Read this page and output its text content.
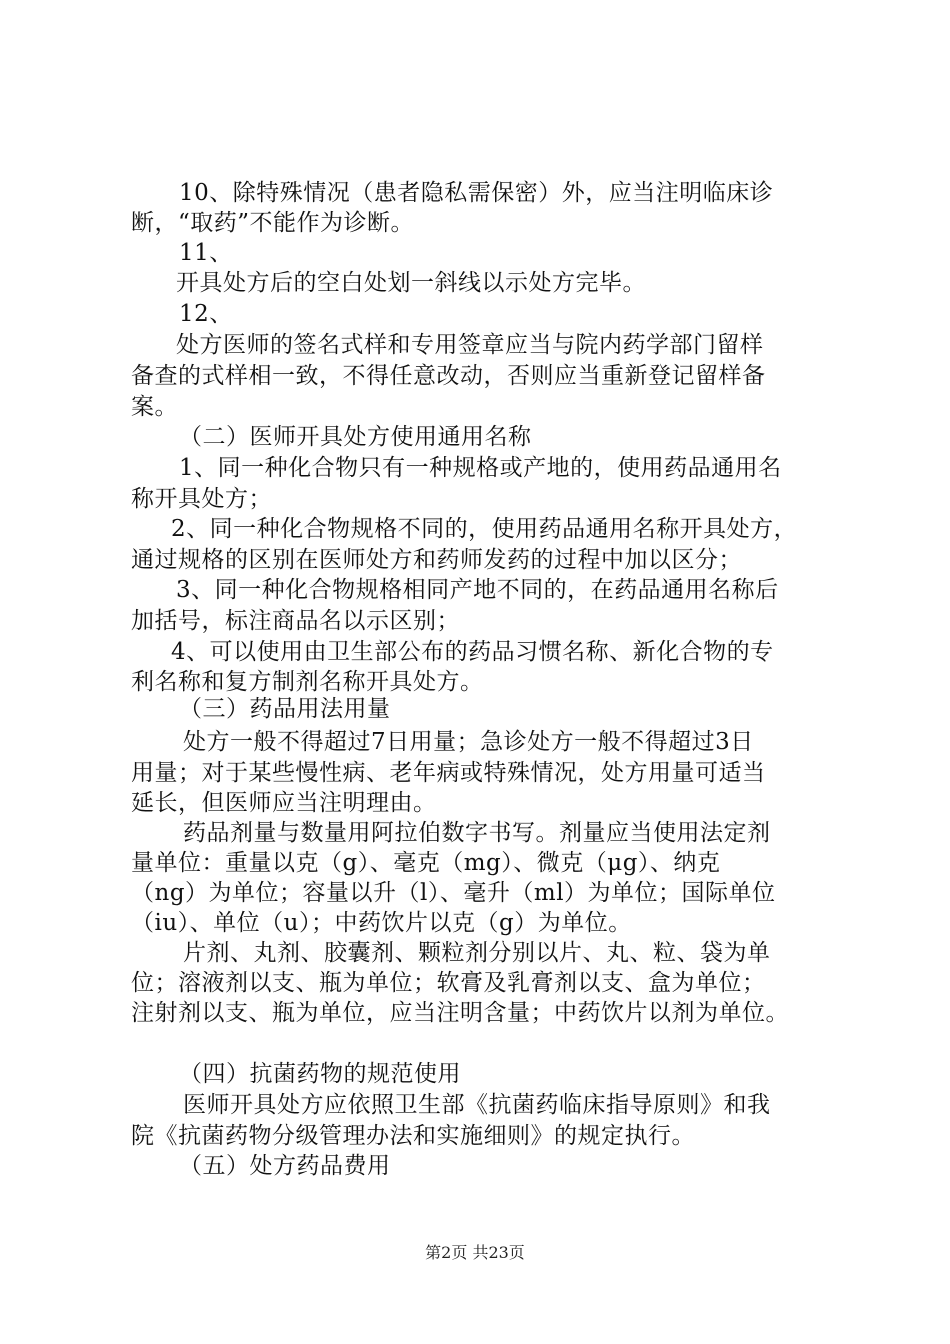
10、除特殊情况（患者隐私需保密）外，应当注明临床诊
断，“取药”不能作为诊断。
11、
开具处方后的空白处划一斜线以示处方完毕。
12、
处方医师的签名式样和专用签章应当与院内药学部门留样
备查的式样相一致，不得任意改动，否则应当重新登记留样备
案。
（二）医师开具处方使用通用名称
1、同一种化合物只有一种规格或产地的，使用药品通用名
称开具处方；
2、同一种化合物规格不同的，使用药品通用名称开具处方，
通过规格的区别在医师处方和药师发药的过程中加以区分；
3、同一种化合物规格相同产地不同的，在药品通用名称后
加括号，标注商品名以示区别；
4、可以使用由卫生部公布的药品习惯名称、新化合物的专
利名称和复方制剂名称开具处方。
（三）药品用法用量
处方一般不得超过7日用量；急诊处方一般不得超过3日
用量；对于某些慢性病、老年病或特殊情况，处方用量可适当
延长，但医师应当注明理由。
药品剂量与数量用阿拉伯数字书写。剂量应当使用法定剂
量单位：重量以克（g）、毫克（mg）、微克（μg）、纳克
（ng）为单位；容量以升（l）、毫升（ml）为单位；国际单位
（iu）、单位（u）；中药饮片以克（g）为单位。
片剂、丸剂、胶囊剂、颗粒剂分别以片、丸、粒、袋为单
位；溶液剂以支、瓶为单位；软膏及乳膏剂以支、盒为单位；
注射剂以支、瓶为单位，应当注明含量；中药饮片以剂为单位。
（四）抗菌药物的规范使用
医师开具处方应依照卫生部《抗菌药临床指导原则》和我
院《抗菌药物分级管理办法和实施细则》的规定执行。
（五）处方药品费用
第2页 共23页
